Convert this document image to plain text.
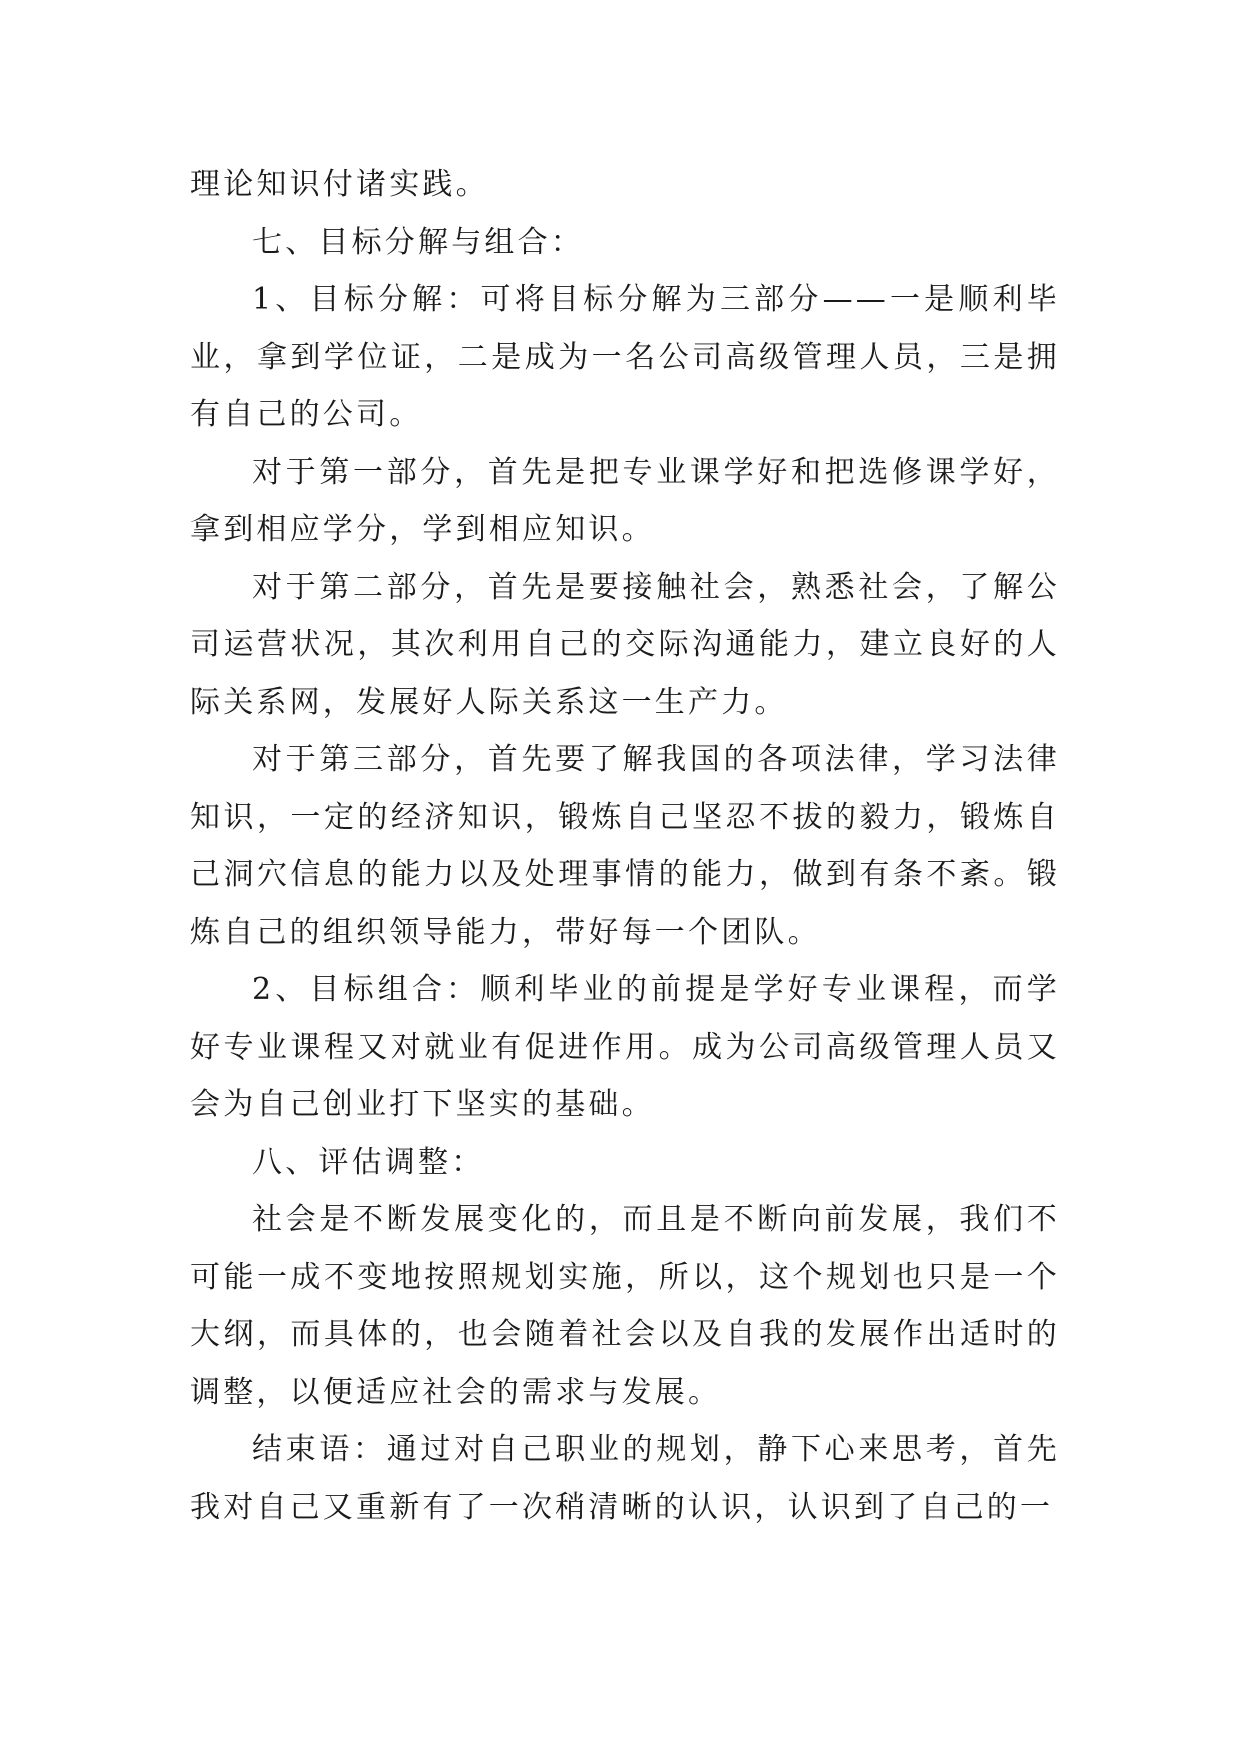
理论知识付诸实践。

七、目标分解与组合：

1、目标分解：可将目标分解为三部分——一是顺利毕业，拿到学位证，二是成为一名公司高级管理人员，三是拥有自己的公司。

对于第一部分，首先是把专业课学好和把选修课学好，拿到相应学分，学到相应知识。

对于第二部分，首先是要接触社会，熟悉社会，了解公司运营状况，其次利用自己的交际沟通能力，建立良好的人际关系网，发展好人际关系这一生产力。

对于第三部分，首先要了解我国的各项法律，学习法律知识，一定的经济知识，锻炼自己坚忍不拔的毅力，锻炼自己洞穴信息的能力以及处理事情的能力，做到有条不紊。锻炼自己的组织领导能力，带好每一个团队。

2、目标组合：顺利毕业的前提是学好专业课程，而学好专业课程又对就业有促进作用。成为公司高级管理人员又会为自己创业打下坚实的基础。

八、评估调整：

社会是不断发展变化的，而且是不断向前发展，我们不可能一成不变地按照规划实施，所以，这个规划也只是一个大纲，而具体的，也会随着社会以及自我的发展作出适时的调整，以便适应社会的需求与发展。

结束语：通过对自己职业的规划，静下心来思考，首先我对自己又重新有了一次稍清晰的认识，认识到了自己的一
